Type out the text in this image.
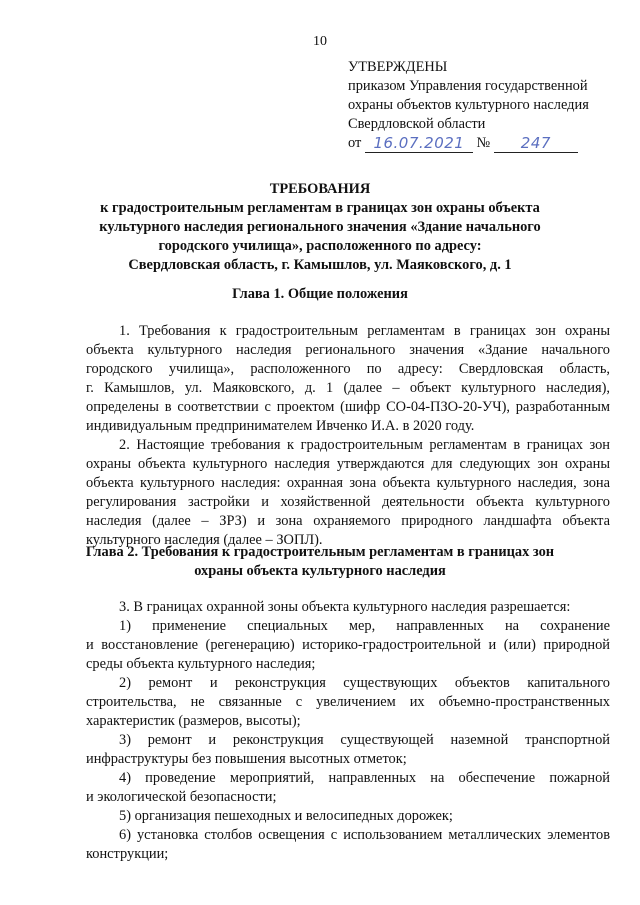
10
УТВЕРЖДЕНЫ
приказом Управления государственной
охраны объектов культурного наследия
Свердловской области
от 16.07.2021 № 247
ТРЕБОВАНИЯ
к градостроительным регламентам в границах зон охраны объекта
культурного наследия регионального значения «Здание начального
городского училища», расположенного по адресу:
Свердловская область, г. Камышлов, ул. Маяковского, д. 1
Глава 1. Общие положения
1. Требования к градостроительным регламентам в границах зон охраны
объекта культурного наследия регионального значения «Здание начального
городского училища», расположенного по адресу: Свердловская область,
г. Камышлов, ул. Маяковского, д. 1 (далее – объект культурного наследия),
определены в соответствии с проектом (шифр СО-04-ПЗО-20-УЧ), разработанным
индивидуальным предпринимателем Ивченко И.А. в 2020 году.
2. Настоящие требования к градостроительным регламентам в границах зон
охраны объекта культурного наследия утверждаются для следующих зон охраны
объекта культурного наследия: охранная зона объекта культурного наследия, зона
регулирования застройки и хозяйственной деятельности объекта культурного
наследия (далее – ЗРЗ) и зона охраняемого природного ландшафта объекта
культурного наследия (далее – ЗОПЛ).
Глава 2. Требования к градостроительным регламентам в границах зон
охраны объекта культурного наследия
3. В границах охранной зоны объекта культурного наследия разрешается:
1) применение специальных мер, направленных на сохранение
и восстановление (регенерацию) историко-градостроительной и (или) природной
среды объекта культурного наследия;
2) ремонт и реконструкция существующих объектов капитального
строительства, не связанные с увеличением их объемно-пространственных
характеристик (размеров, высоты);
3) ремонт и реконструкция существующей наземной транспортной
инфраструктуры без повышения высотных отметок;
4) проведение мероприятий, направленных на обеспечение пожарной
и экологической безопасности;
5) организация пешеходных и велосипедных дорожек;
6) установка столбов освещения с использованием металлических элементов
конструкции;
